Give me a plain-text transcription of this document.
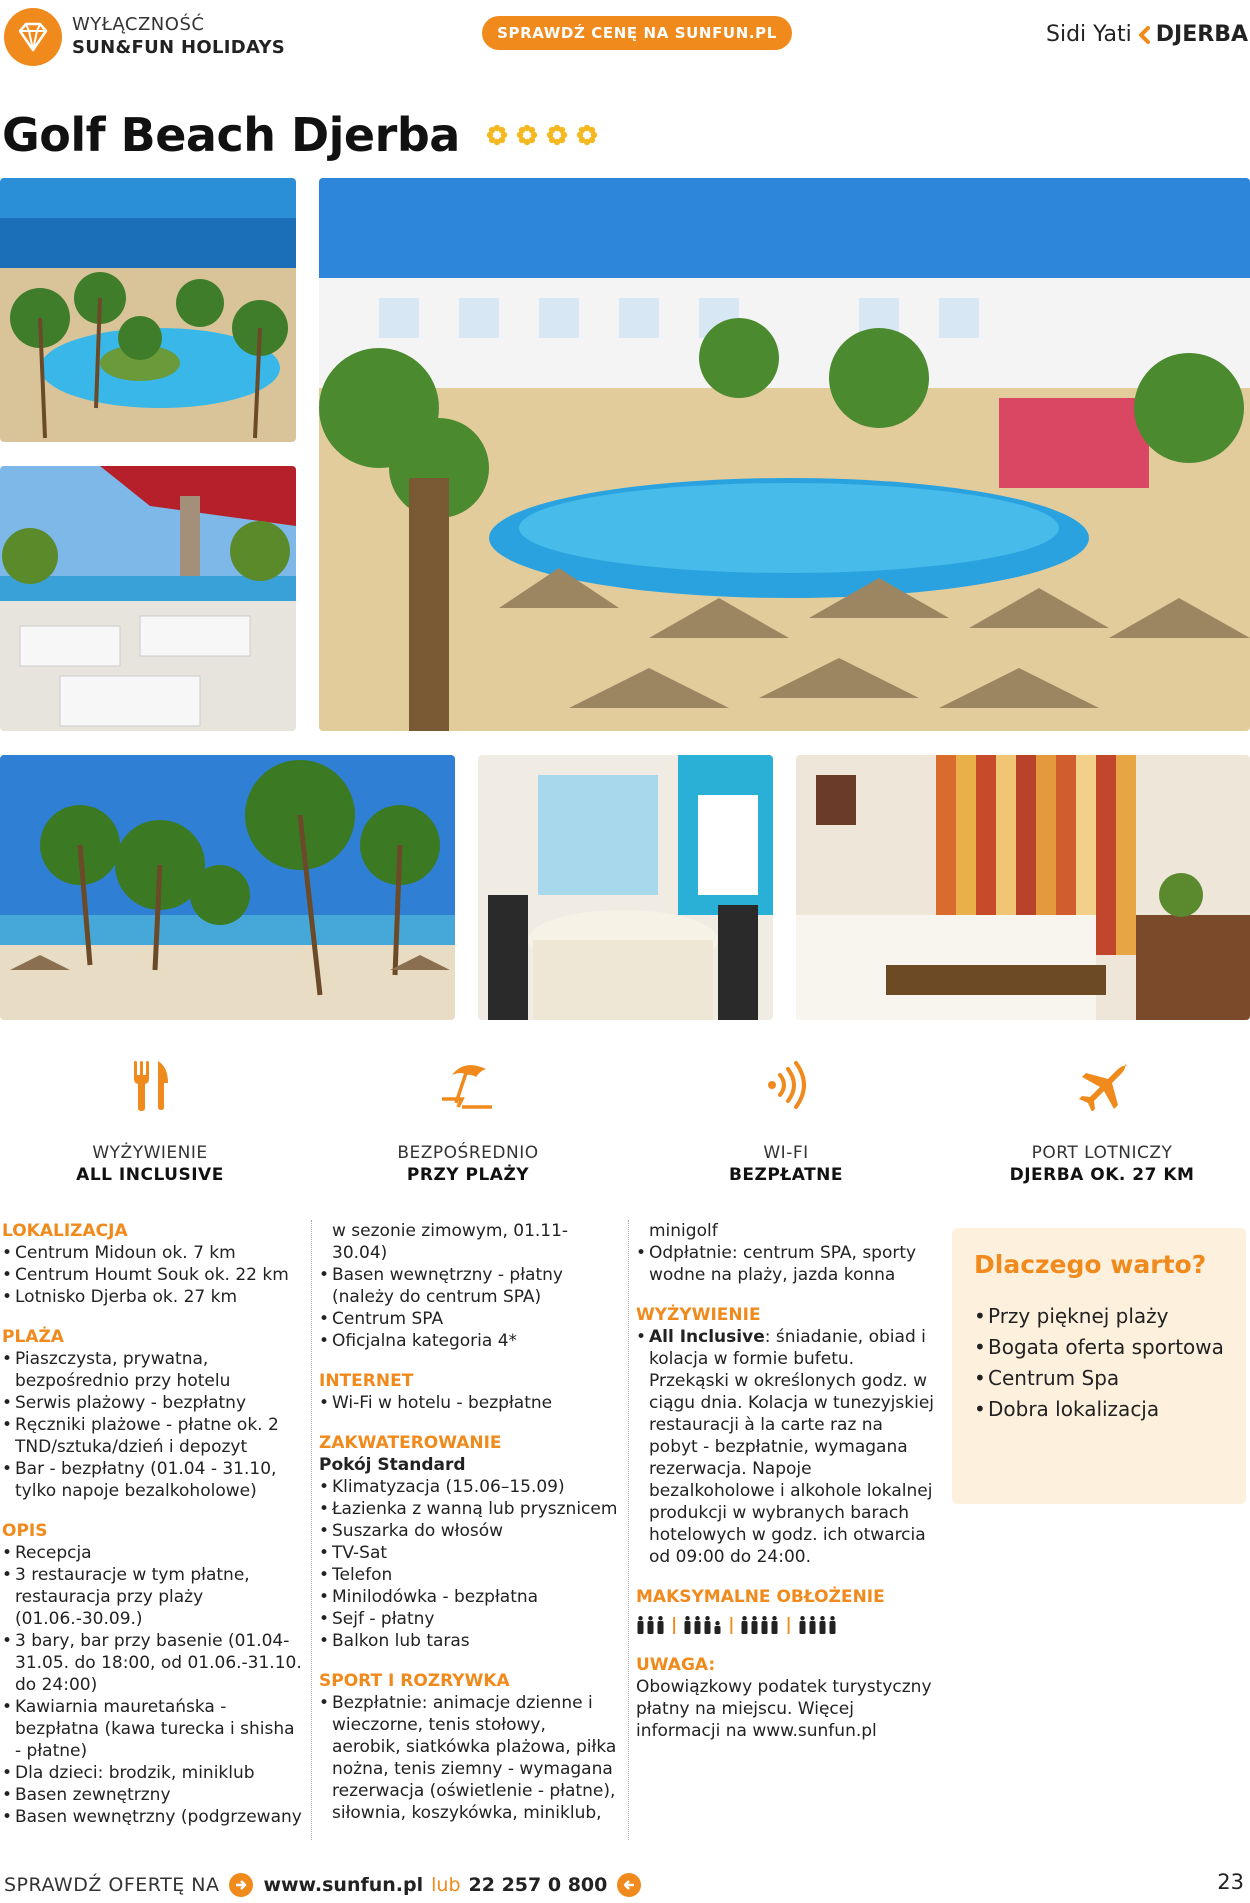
WYŁĄCZNOŚĆ
SUN&FUN HOLIDAYS
SPRAWDŹ CENĘ NA SUNFUN.PL	Sidi Yati DJERBA
Golf Beach Djerba
WYŻYWIENIE
ALL INCLUSIVE
BEZPOŚREDNIO
PRZY PLAŻY
WI-FI
BEZPŁATNE
PORT LOTNICZY
DJERBA OK. 27 KM
LOKALIZACJA
• Centrum Midoun ok. 7 km
• Centrum Houmt Souk ok. 22 km
• Lotnisko Djerba ok. 27 km
PLAŻA
• Piaszczysta, prywatna, bezpośrednio przy hotelu
• Serwis plażowy - bezpłatny
• Ręczniki plażowe - płatne ok. 2 TND/sztuka/dzień i depozyt
• Bar - bezpłatny (01.04 - 31.10, tylko napoje bezalkoholowe)
OPIS
• Recepcja
• 3 restauracje w tym płatne, restauracja przy plaży (01.06.-30.09.)
• 3 bary, bar przy basenie (01.04-31.05. do 18:00, od 01.06.-31.10. do 24:00)
• Kawiarnia mauretańska - bezpłatna (kawa turecka i shisha - płatne)
• Dla dzieci: brodzik, miniklub
• Basen zewnętrzny
• Basen wewnętrzny (podgrzewany
w sezonie zimowym, 01.11-30.04)
• Basen wewnętrzny - płatny (należy do centrum SPA)
• Centrum SPA
• Oficjalna kategoria 4*
INTERNET
• Wi-Fi w hotelu - bezpłatne
ZAKWATEROWANIE
Pokój Standard
• Klimatyzacja (15.06–15.09)
• Łazienka z wanną lub prysznicem
• Suszarka do włosów
• TV-Sat
• Telefon
• Minilodówka - bezpłatna
• Sejf - płatny
• Balkon lub taras
SPORT I ROZRYWKA
• Bezpłatnie: animacje dzienne i wieczorne, tenis stołowy, aerobik, siatkówka plażowa, piłka nożna, tenis ziemny - wymagana rezerwacja (oświetlenie - płatne), siłownia, koszykówka, miniklub,
minigolf
• Odpłatnie: centrum SPA, sporty wodne na plaży, jazda konna
WYŻYWIENIE
• All Inclusive: śniadanie, obiad i kolacja w formie bufetu. Przekąski w określonych godz. w ciągu dnia. Kolacja w tunezyjskiej restauracji à la carte raz na pobyt - bezpłatnie, wymagana rezerwacja. Napoje bezalkoholowe i alkohole lokalnej produkcji w wybranych barach hotelowych w godz. ich otwarcia od 09:00 do 24:00.
MAKSYMALNE OBŁOŻENIE
|	|	|
UWAGA:
Obowiązkowy podatek turystyczny płatny na miejscu. Więcej informacji na www.sunfun.pl
Dlaczego warto?
• Przy pięknej plaży
• Bogata oferta sportowa
• Centrum Spa
• Dobra lokalizacja
SPRAWDŹ OFERTĘ NA www.sunfun.pl lub 22 257 0 800	23
